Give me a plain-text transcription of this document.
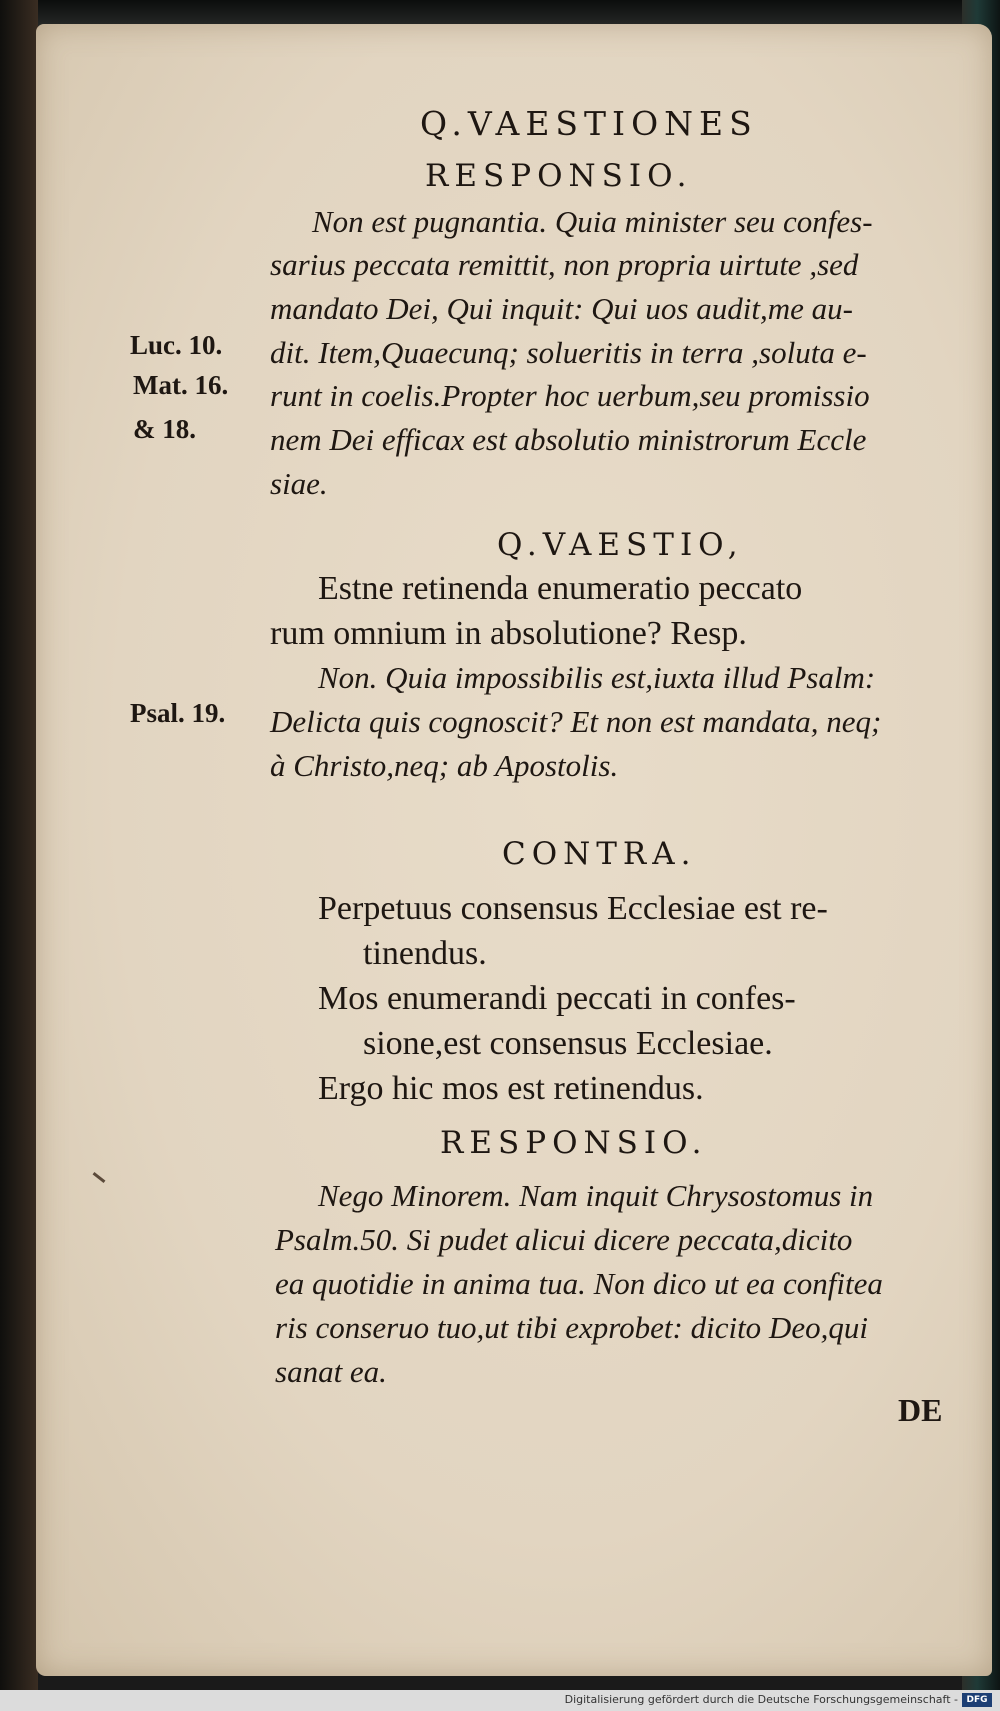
Q.VAESTIONES
RESPONSIO.
Non est pugnantia. Quia minister seu confes-
sarius peccata remittit, non propria uirtute ,sed
mandato Dei, Qui inquit: Qui uos audit,me au-
dit. Item,Quaecunq; solueritis in terra ,soluta e-
runt in coelis.Propter hoc uerbum,seu promissio
nem Dei efficax est absolutio ministrorum Eccle
siae.
Luc. 10.
Mat. 16.
& 18.
Q.VAESTIO,
Estne retinenda enumeratio peccato
rum omnium in absolutione? Resp.
Non. Quia impossibilis est,iuxta illud Psalm:
Delicta quis cognoscit? Et non est mandata, neq;
à Christo,neq; ab Apostolis.
Psal. 19.
CONTRA.
Perpetuus consensus Ecclesiae est re-
tinendus.
Mos enumerandi peccati in confes-
sione,est consensus Ecclesiae.
Ergo hic mos est retinendus.
RESPONSIO.
Nego Minorem. Nam inquit Chrysostomus in
Psalm.50. Si pudet alicui dicere peccata,dicito
ea quotidie in anima tua. Non dico ut ea confitea
ris conseruo tuo,ut tibi exprobet: dicito Deo,qui
sanat ea.
DE
Digitalisierung gefördert durch die Deutsche Forschungsgemeinschaft - DFG
